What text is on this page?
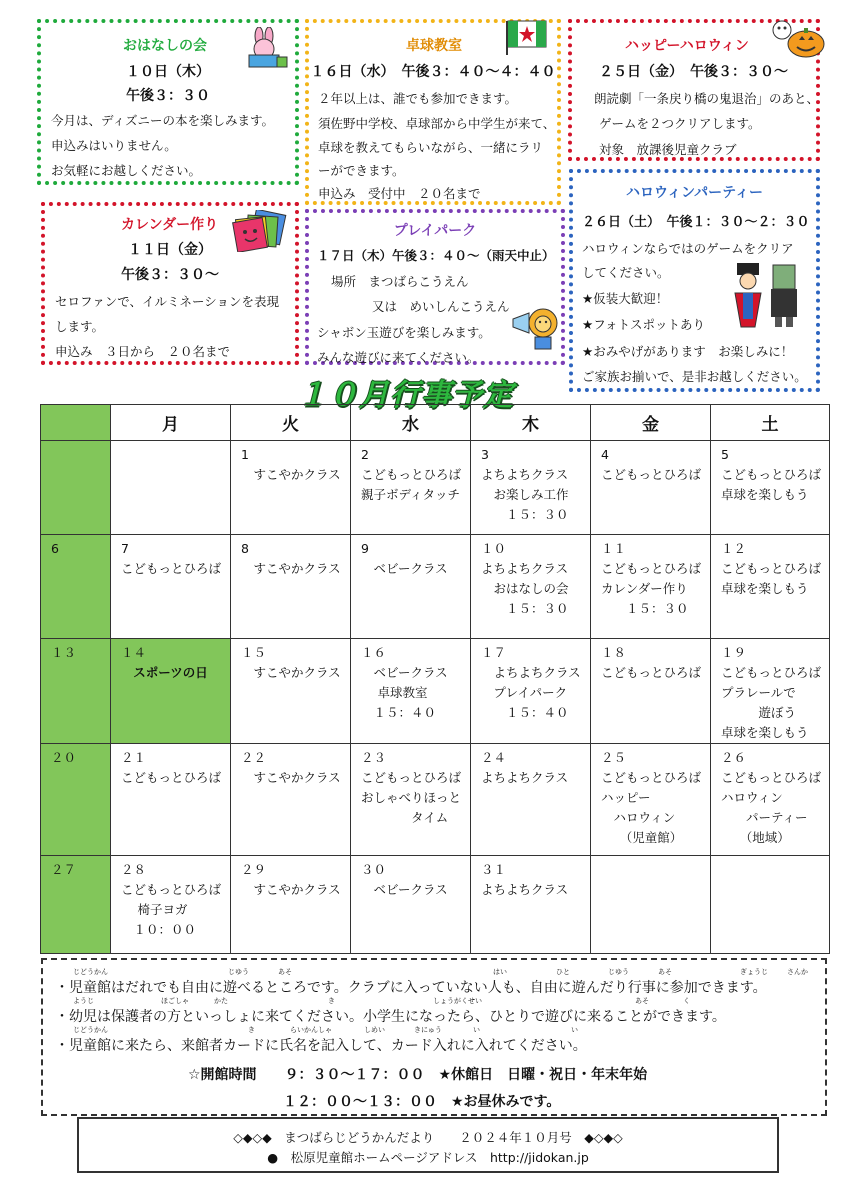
おはなしの会
１０日（木）
午後３：３０
今月は、ディズニーの本を楽しみます。
申込みはいりません。
お気軽にお越しください。
卓球教室
１６日（水）　午後３：４０～４：４０
２年以上は、誰でも参加できます。
須佐野中学校、卓球部から中学生が来て、
卓球を教えてもらいながら、一緒にラリ
ーができます。
申込み　受付中　２０名まで
ハッピーハロウィン
２５日（金）　午後３：３０～
朗読劇「一条戻り橋の鬼退治」のあと、
ゲームを２つクリアします。
対象　放課後児童クラブ
カレンダー作り
１１日（金）
午後３：３０～
セロファンで、イルミネーションを表現
します。
申込み　３日から　２０名まで
プレイパーク
１７日（木）午後３：４０～（雨天中止）
場所　まつばらこうえん
又は　めいしんこうえん
シャボン玉遊びを楽しみます。
みんな遊びに来てください。
ハロウィンパーティー
２６日（土）　午後１：３０～２：３０
ハロウィンならではのゲームをクリア
してください。
★仮装大歓迎！
★フォトスポットあり
★おみやげがあります　お楽しみに！
ご家族お揃いで、是非お越しください。
１０月行事予定
	月	火	水	木	金	土

		1
　すこやかクラス	2
こどもっとひろば
親子ボディタッチ	3
よちよちクラス
　お楽しみ工作
　　１５：３０	4
こどもっとひろば	5
こどもっとひろば
卓球を楽しもう

6	7
こどもっとひろば	8
　すこやかクラス	9
　ベビークラス	１０
よちよちクラス
　おはなしの会
　　１５：３０	１１
こどもっとひろば
カレンダー作り
　　１５：３０	１２
こどもっとひろば
卓球を楽しもう

１３	１４
スポーツの日	１５
　すこやかクラス	１６
　ベビークラス
　 卓球教室
　１５：４０	１７
　よちよちクラス
　プレイパーク
　　１５：４０	１８
こどもっとひろば	１９
こどもっとひろば
プラレールで
　　　遊ぼう
卓球を楽しもう

２０	２１
こどもっとひろば	２２
　すこやかクラス	２３
こどもっとひろば
おしゃべりほっと
　　　　タイム	２４
よちよちクラス	２５
こどもっとひろば
ハッピー
　ハロウィン
　　（児童館）	２６
こどもっとひろば
ハロウィン
　　パーティー
　　（地域）

２７	２８
こどもっとひろば
　 椅子ヨガ
　１０：００	２９
　すこやかクラス	３０
　ベビークラス	３１
よちよちクラス		

・児童館はだれでも自由に遊べるところです。クラブに入っていない人も、自由に遊んだり行事に参加できます。
・幼児は保護者の方といっしょに来てください。小学生になったら、ひとりで遊びに来ることができます。
・児童館に来たら、来館者カードに氏名を記入して、カード入れに入れてください。
じどうかん	じゆう	あそ	はい	ひと	じゆう	あそ	ぎょうじ	さんか
ようじ	ほごしゃ	かた	き	しょうがくせい	あそ	く
じどうかん	き	らいかんしゃ	しめい	きにゅう	い	い
☆開館時間　　９：３０～１７：００　★休館日　日曜・祝日・年末年始
１２：００～１３：００　★お昼休みです。
◇◆◇◆　まつばらじどうかんだより　　２０２４年１０月号　◆◇◆◇
●　松原児童館ホームページアドレス　http://jidokan.jp
